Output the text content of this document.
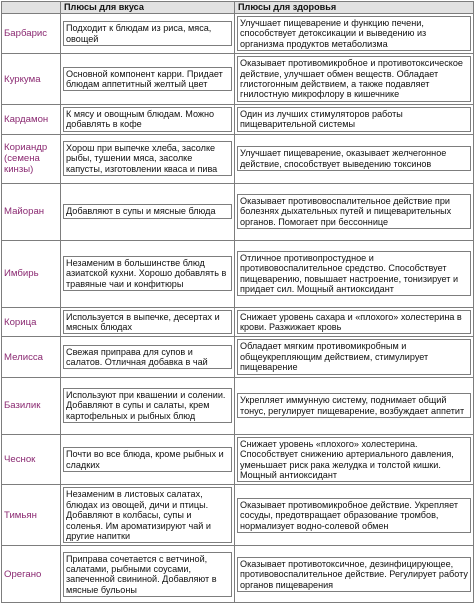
	Плюсы для вкуса	Плюсы для здоровья
Барбарис	Подходит к блюдам из риса, мяса, овощей	Улучшает пищеварение и функцию печени, способствует детоксикации и выведению из организма продуктов метаболизма

Куркума	Основной компонент карри. Придает блюдам аппетитный желтый цвет	Оказывает противомикробное и противотоксическое действие, улучшает обмен веществ. Обладает глистогонным действием, а также подавляет гнилостную микрофлору в кишечнике

Кардамон	К мясу и овощным блюдам. Можно добавлять в кофе	Один из лучших стимуляторов работы пищеварительной системы

Кориандр (семена кинзы)	Хорош при выпечке хлеба, засолке рыбы, тушении мяса, засолке капусты, изготовлении кваса и пива	Улучшает пищеварение, оказывает желчегонное действие, способствует выведению токсинов

Майоран	Добавляют в супы и мясные блюда	Оказывает противовоспалительное действие при болезнях дыхательных путей и пищеварительных органов. Помогает при бессоннице

Имбирь	Незаменим в большинстве блюд азиатской кухни. Хорошо добавлять в травяные чаи и конфитюры	Отличное противопростудное и противовоспалительное средство. Способствует пищеварению, повышает настроение, тонизирует и придает сил. Мощный антиоксидант

Корица	Используется в выпечке, десертах и мясных блюдах	Снижает уровень сахара и «плохого» холестерина в крови. Разжижает кровь

Мелисса	Свежая приправа для супов и салатов. Отличная добавка в чай	Обладает мягким противомикробным и общеукрепляющим действием, стимулирует пищеварение

Базилик	Используют при квашении и солении. Добавляют в супы и салаты, крем картофельных и рыбных блюд	Укрепляет иммунную систему, поднимает общий тонус, регулирует пищеварение, возбуждает аппетит

Чеснок	Почти во все блюда, кроме рыбных и сладких	Снижает уровень «плохого» холестерина. Способствует снижению артериального давления, уменьшает риск рака желудка и толстой кишки. Мощный антиоксидант

Тимьян	Незаменим в листовых салатах, блюдах из овощей, дичи и птицы. Добавляют в колбасы, супы и соленья. Им ароматизируют чай и другие напитки	Оказывает противомикробное действие. Укрепляет сосуды, предотвращает образование тромбов, нормализует водно-солевой обмен

Орегано	Приправа сочетается с ветчиной, салатами, рыбными соусами, запеченной свининой. Добавляют в мясные бульоны	Оказывает противотоксичное, дезинфицирующее, противовоспалительное действие. Регулирует работу органов пищеварения
